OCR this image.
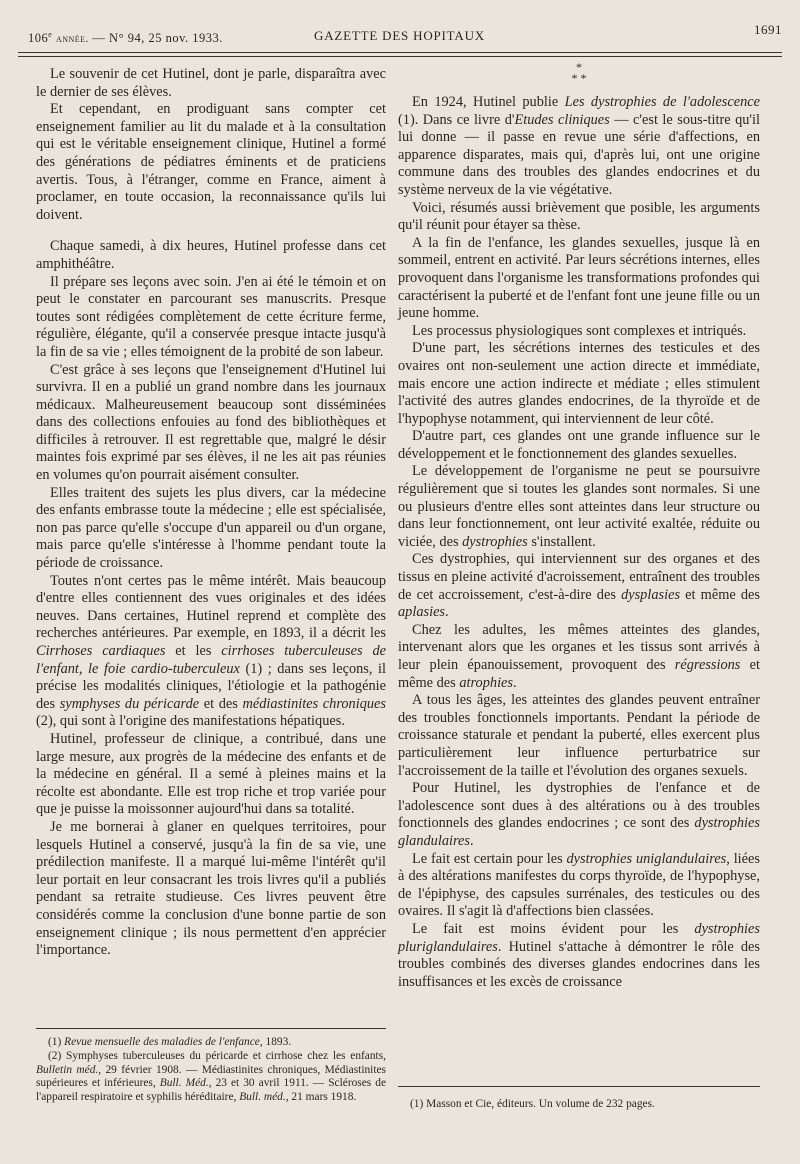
106e année. — N° 94, 25 nov. 1933.	GAZETTE DES HOPITAUX	1691

Le souvenir de cet Hutinel, dont je parle, disparaîtra avec le dernier de ses élèves.

Et cependant, en prodiguant sans compter cet enseignement familier au lit du malade et à la consultation qui est le véritable enseignement clinique, Hutinel a formé des générations de pédiatres éminents et de praticiens avertis. Tous, à l'étranger, comme en France, aiment à proclamer, en toute occasion, la reconnaissance qu'ils lui doivent.

Chaque samedi, à dix heures, Hutinel professe dans cet amphithéâtre.

Il prépare ses leçons avec soin. J'en ai été le témoin et on peut le constater en parcourant ses manuscrits. Presque toutes sont rédigées complètement de cette écriture ferme, régulière, élégante, qu'il a conservée presque intacte jusqu'à la fin de sa vie ; elles témoignent de la probité de son labeur.

C'est grâce à ses leçons que l'enseignement d'Hutinel lui survivra. Il en a publié un grand nombre dans les journaux médicaux. Malheureusement beaucoup sont disséminées dans des collections enfouies au fond des bibliothèques et difficiles à retrouver. Il est regrettable que, malgré le désir maintes fois exprimé par ses élèves, il ne les ait pas réunies en volumes qu'on pourrait aisément consulter.

Elles traitent des sujets les plus divers, car la médecine des enfants embrasse toute la médecine ; elle est spécialisée, non pas parce qu'elle s'occupe d'un appareil ou d'un organe, mais parce qu'elle s'intéresse à l'homme pendant toute la période de croissance.

Toutes n'ont certes pas le même intérêt. Mais beaucoup d'entre elles contiennent des vues originales et des idées neuves. Dans certaines, Hutinel reprend et complète des recherches antérieures. Par exemple, en 1893, il a décrit les Cirrhoses cardiaques et les cirrhoses tuberculeuses de l'enfant, le foie cardio-tuberculeux (1) ; dans ses leçons, il précise les modalités cliniques, l'étiologie et la pathogénie des symphyses du péricarde et des médiastinites chroniques (2), qui sont à l'origine des manifestations hépatiques.

Hutinel, professeur de clinique, a contribué, dans une large mesure, aux progrès de la médecine des enfants et de la médecine en général. Il a semé à pleines mains et la récolte est abondante. Elle est trop riche et trop variée pour que je puisse la moissonner aujourd'hui dans sa totalité.

Je me bornerai à glaner en quelques territoires, pour lesquels Hutinel a conservé, jusqu'à la fin de sa vie, une prédilection manifeste. Il a marqué lui-même l'intérêt qu'il leur portait en leur consacrant les trois livres qu'il a publiés pendant sa retraite studieuse. Ces livres peuvent être considérés comme la conclusion d'une bonne partie de son enseignement clinique ; ils nous permettent d'en apprécier l'importance.

(1) Revue mensuelle des maladies de l'enfance, 1893.

(2) Symphyses tuberculeuses du péricarde et cirrhose chez les enfants, Bulletin méd., 29 février 1908. — Médiastinites chroniques, Médiastinites supérieures et inférieures, Bull. Méd., 23 et 30 avril 1911. — Scléroses de l'appareil respiratoire et syphilis héréditaire, Bull. méd., 21 mars 1918.

*
* *

En 1924, Hutinel publie Les dystrophies de l'adolescence (1). Dans ce livre d'Etudes cliniques — c'est le sous-titre qu'il lui donne — il passe en revue une série d'affections, en apparence disparates, mais qui, d'après lui, ont une origine commune dans des troubles des glandes endocrines et du système nerveux de la vie végétative.

Voici, résumés aussi brièvement que posible, les arguments qu'il réunit pour étayer sa thèse.

A la fin de l'enfance, les glandes sexuelles, jusque là en sommeil, entrent en activité. Par leurs sécrétions internes, elles provoquent dans l'organisme les transformations profondes qui caractérisent la puberté et de l'enfant font une jeune fille ou un jeune homme.

Les processus physiologiques sont complexes et intriqués.

D'une part, les sécrétions internes des testicules et des ovaires ont non-seulement une action directe et immédiate, mais encore une action indirecte et médiate ; elles stimulent l'activité des autres glandes endocrines, de la thyroïde et de l'hypophyse notamment, qui interviennent de leur côté.

D'autre part, ces glandes ont une grande influence sur le développement et le fonctionnement des glandes sexuelles.

Le développement de l'organisme ne peut se poursuivre régulièrement que si toutes les glandes sont normales. Si une ou plusieurs d'entre elles sont atteintes dans leur structure ou dans leur fonctionnement, ont leur activité exaltée, réduite ou viciée, des dystrophies s'installent.

Ces dystrophies, qui interviennent sur des organes et des tissus en pleine activité d'acroissement, entraînent des troubles de cet accroissement, c'est-à-dire des dysplasies et même des aplasies.

Chez les adultes, les mêmes atteintes des glandes, intervenant alors que les organes et les tissus sont arrivés à leur plein épanouissement, provoquent des régressions et même des atrophies.

A tous les âges, les atteintes des glandes peuvent entraîner des troubles fonctionnels importants. Pendant la période de croissance staturale et pendant la puberté, elles exercent plus particulièrement leur influence perturbatrice sur l'accroissement de la taille et l'évolution des organes sexuels.

Pour Hutinel, les dystrophies de l'enfance et de l'adolescence sont dues à des altérations ou à des troubles fonctionnels des glandes endocrines ; ce sont des dystrophies glandulaires.

Le fait est certain pour les dystrophies uniglandulaires, liées à des altérations manifestes du corps thyroïde, de l'hypophyse, de l'épiphyse, des capsules surrénales, des testicules ou des ovaires. Il s'agit là d'affections bien classées.

Le fait est moins évident pour les dystrophies pluriglandulaires. Hutinel s'attache à démontrer le rôle des troubles combinés des diverses glandes endocrines dans les insuffisances et les excès de croissance

(1) Masson et Cie, éditeurs. Un volume de 232 pages.
